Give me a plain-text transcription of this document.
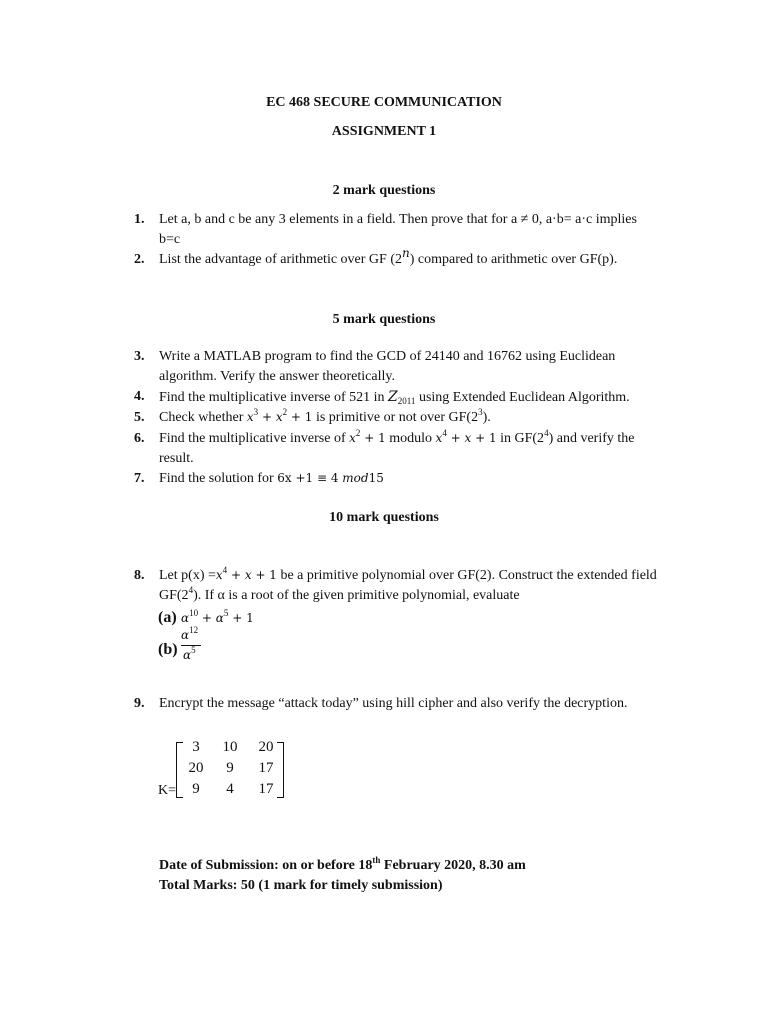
EC 468 SECURE COMMUNICATION
ASSIGNMENT 1
2 mark questions
1. Let a, b and c be any 3 elements in a field. Then prove that for a ≠ 0, a·b= a·c implies
b=c
2. List the advantage of arithmetic over GF (2$^n$) compared to arithmetic over GF(p).
5 mark questions
3. Write a MATLAB program to find the GCD of 24140 and 16762 using Euclidean
algorithm. Verify the answer theoretically.
4. Find the multiplicative inverse of 521 in $Z_{2011}$ using Extended Euclidean Algorithm.
5. Check whether $x^3 + x^2 + 1$ is primitive or not over $GF(2^3)$.
6. Find the multiplicative inverse of $x^2 + 1$ modulo $x^4 + x + 1$ in $GF(2^4)$ and verify the
result.
7. Find the solution for 6x +1 ≡ 4 mod15
10 mark questions
8. Let $p(x) =x^4 + x + 1$ be a primitive polynomial over GF(2). Construct the extended field
$GF(2^4)$. If α is a root of the given primitive polynomial, evaluate
(a) $\alpha^{10} + \alpha^5 + 1$
(b)
$\alpha^{12}$
$\alpha^5$
9. Encrypt the message “attack today” using hill cipher and also verify the decryption.
K=
3	10	20
20	9	17
9	4	17
Date of Submission: on or before 18th February 2020, 8.30 am
Total Marks: 50 (1 mark for timely submission)
